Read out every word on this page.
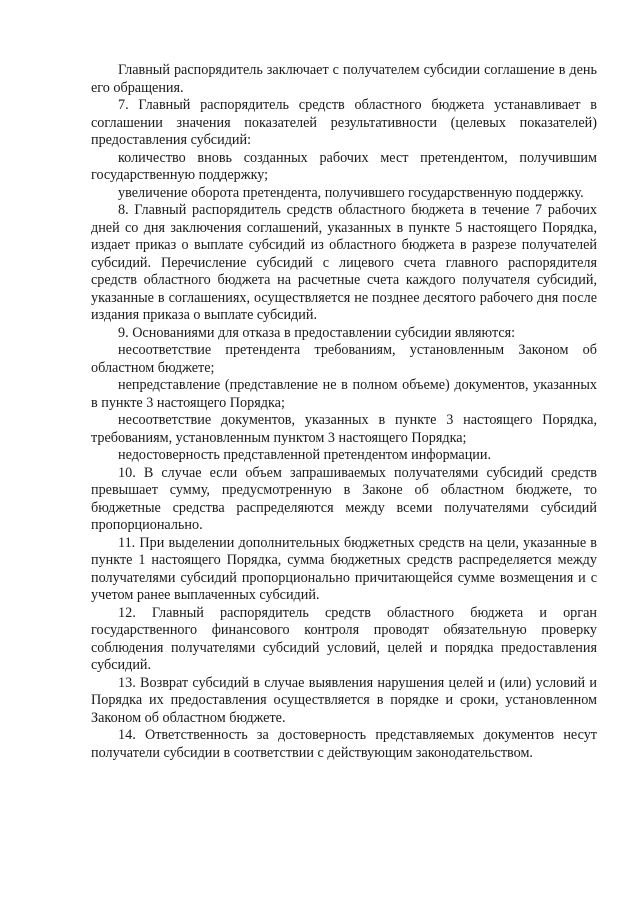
Главный распорядитель заключает с получателем субсидии соглашение в день его обращения.

7. Главный распорядитель средств областного бюджета устанавливает в соглашении значения показателей результативности (целевых показателей) предоставления субсидий:

количество вновь созданных рабочих мест претендентом, получившим государственную поддержку;

увеличение оборота претендента, получившего государственную поддержку.

8. Главный распорядитель средств областного бюджета в течение 7 рабочих дней со дня заключения соглашений, указанных в пункте 5 настоящего Порядка, издает приказ о выплате субсидий из областного бюджета в разрезе получателей субсидий. Перечисление субсидий с лицевого счета главного распорядителя средств областного бюджета на расчетные счета каждого получателя субсидий, указанные в соглашениях, осуществляется не позднее десятого рабочего дня после издания приказа о выплате субсидий.

9. Основаниями для отказа в предоставлении субсидии являются:

несоответствие претендента требованиям, установленным Законом об областном бюджете;

непредставление (представление не в полном объеме) документов, указанных в пункте 3 настоящего Порядка;

несоответствие документов, указанных в пункте 3 настоящего Порядка, требованиям, установленным пунктом 3 настоящего Порядка;

недостоверность представленной претендентом информации.

10. В случае если объем запрашиваемых получателями субсидий средств превышает сумму, предусмотренную в Законе об областном бюджете, то бюджетные средства распределяются между всеми получателями субсидий пропорционально.

11. При выделении дополнительных бюджетных средств на цели, указанные в пункте 1 настоящего Порядка, сумма бюджетных средств распределяется между получателями субсидий пропорционально причитающейся сумме возмещения и с учетом ранее выплаченных субсидий.

12. Главный распорядитель средств областного бюджета и орган государственного финансового контроля проводят обязательную проверку соблюдения получателями субсидий условий, целей и порядка предоставления субсидий.

13. Возврат субсидий в случае выявления нарушения целей и (или) условий и Порядка их предоставления осуществляется в порядке и сроки, установленном Законом об областном бюджете.

14. Ответственность за достоверность представляемых документов несут получатели субсидии в соответствии с действующим законодательством.
